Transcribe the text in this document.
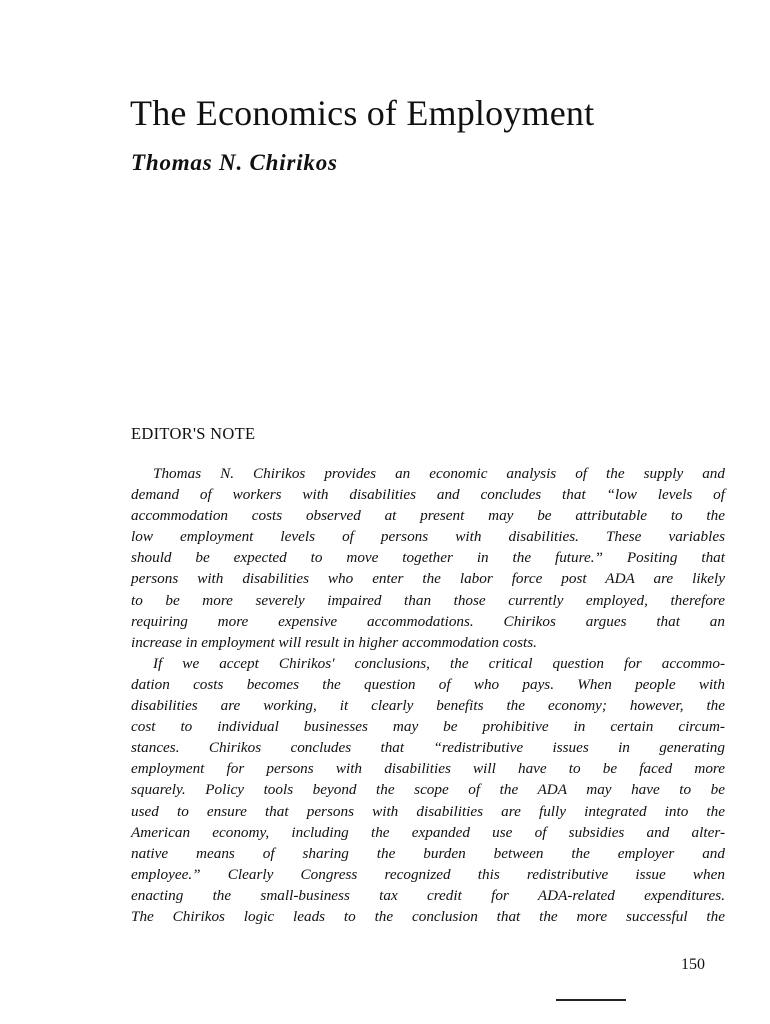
The Economics of Employment
Thomas N. Chirikos
EDITOR'S NOTE

Thomas N. Chirikos provides an economic analysis of the supply and
demand of workers with disabilities and concludes that “low levels of
accommodation costs observed at present may be attributable to the
low employment levels of persons with disabilities. These variables
should be expected to move together in the future.” Positing that
persons with disabilities who enter the labor force post ADA are likely
to be more severely impaired than those currently employed, therefore
requiring more expensive accommodations. Chirikos argues that an
increase in employment will result in higher accommodation costs.

If we accept Chirikos' conclusions, the critical question for accommo-
dation costs becomes the question of who pays. When people with
disabilities are working, it clearly benefits the economy; however, the
cost to individual businesses may be prohibitive in certain circum-
stances. Chirikos concludes that “redistributive issues in generating
employment for persons with disabilities will have to be faced more
squarely. Policy tools beyond the scope of the ADA may have to be
used to ensure that persons with disabilities are fully integrated into the
American economy, including the expanded use of subsidies and alter-
native means of sharing the burden between the employer and
employee.” Clearly Congress recognized this redistributive issue when
enacting the small-business tax credit for ADA-related expenditures.
The Chirikos logic leads to the conclusion that the more successful the

150
